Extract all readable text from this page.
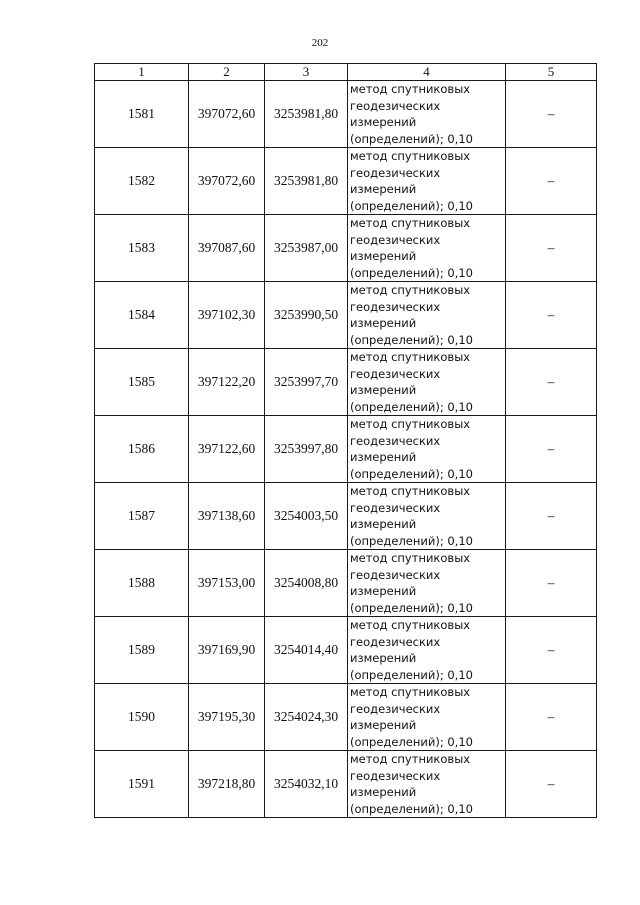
202
1	2	3	4	5
1581	397072,60	3253981,80	метод спутниковых
геодезических
измерений
(определений); 0,10	–
1582	397072,60	3253981,80	метод спутниковых
геодезических
измерений
(определений); 0,10	–
1583	397087,60	3253987,00	метод спутниковых
геодезических
измерений
(определений); 0,10	–
1584	397102,30	3253990,50	метод спутниковых
геодезических
измерений
(определений); 0,10	–
1585	397122,20	3253997,70	метод спутниковых
геодезических
измерений
(определений); 0,10	–
1586	397122,60	3253997,80	метод спутниковых
геодезических
измерений
(определений); 0,10	–
1587	397138,60	3254003,50	метод спутниковых
геодезических
измерений
(определений); 0,10	–
1588	397153,00	3254008,80	метод спутниковых
геодезических
измерений
(определений); 0,10	–
1589	397169,90	3254014,40	метод спутниковых
геодезических
измерений
(определений); 0,10	–
1590	397195,30	3254024,30	метод спутниковых
геодезических
измерений
(определений); 0,10	–
1591	397218,80	3254032,10	метод спутниковых
геодезических
измерений
(определений); 0,10	–
